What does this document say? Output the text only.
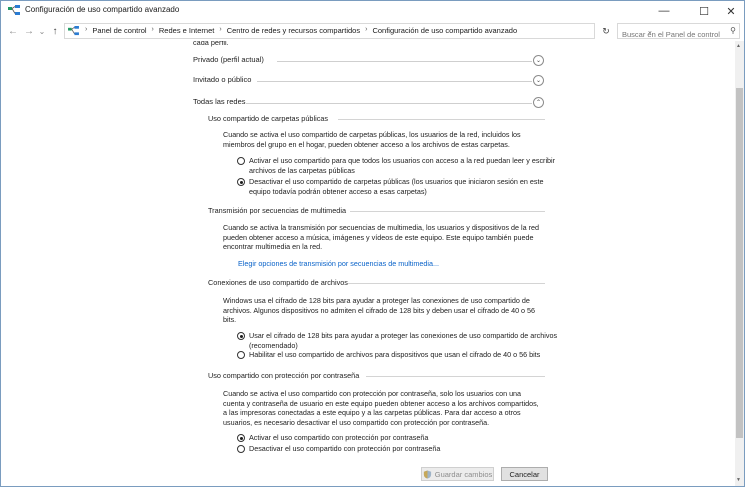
Configuración de uso compartido avanzado	—	☐	✕
← → ⌄ ↑	› Panel de control › Redes e Internet › Centro de redes y recursos compartidos › Configuración de uso compartido avanzado	⌄
↻
Buscar en el Panel de control	⚲
▲
▼
cada perfil.
Privado (perfil actual)	⌄
Invitado o público	⌄
Todas las redes	⌃
Uso compartido de carpetas públicas
Cuando se activa el uso compartido de carpetas públicas, los usuarios de la red, incluidos los miembros del grupo en el hogar, pueden obtener acceso a los archivos de estas carpetas.
Activar el uso compartido para que todos los usuarios con acceso a la red puedan leer y escribir archivos de las carpetas públicas
Desactivar el uso compartido de carpetas públicas (los usuarios que iniciaron sesión en este equipo todavía podrán obtener acceso a esas carpetas)
Transmisión por secuencias de multimedia
Cuando se activa la transmisión por secuencias de multimedia, los usuarios y dispositivos de la red pueden obtener acceso a música, imágenes y vídeos de este equipo. Este equipo también puede encontrar multimedia en la red.
Elegir opciones de transmisión por secuencias de multimedia...
Conexiones de uso compartido de archivos
Windows usa el cifrado de 128 bits para ayudar a proteger las conexiones de uso compartido de archivos. Algunos dispositivos no admiten el cifrado de 128 bits y deben usar el cifrado de 40 o 56 bits.
Usar el cifrado de 128 bits para ayudar a proteger las conexiones de uso compartido de archivos (recomendado)
Habilitar el uso compartido de archivos para dispositivos que usan el cifrado de 40 o 56 bits
Uso compartido con protección por contraseña
Cuando se activa el uso compartido con protección por contraseña, solo los usuarios con una cuenta y contraseña de usuario en este equipo pueden obtener acceso a los archivos compartidos, a las impresoras conectadas a este equipo y a las carpetas públicas. Para dar acceso a otros usuarios, es necesario desactivar el uso compartido con protección por contraseña.
Activar el uso compartido con protección por contraseña
Desactivar el uso compartido con protección por contraseña
Guardar cambios Cancelar
